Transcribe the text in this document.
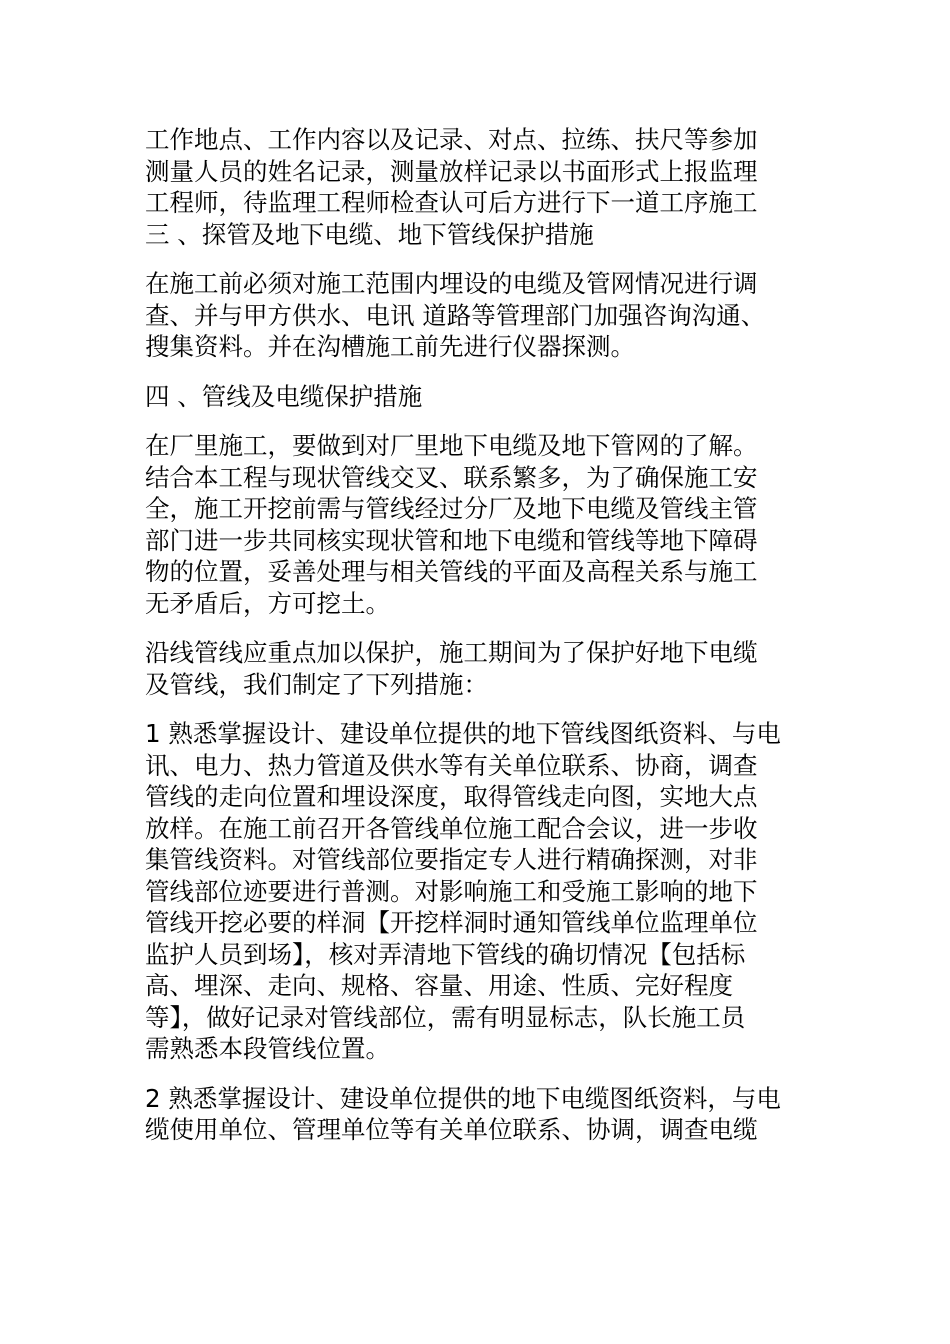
工作地点、工作内容以及记录、对点、拉练、扶尺等参加
测量人员的姓名记录，测量放样记录以书面形式上报监理
工程师，待监理工程师检查认可后方进行下一道工序施工
三 、探管及地下电缆、地下管线保护措施
在施工前必须对施工范围内埋设的电缆及管网情况进行调
查、并与甲方供水、电讯 道路等管理部门加强咨询沟通、
搜集资料。并在沟槽施工前先进行仪器探测。
四 、管线及电缆保护措施
在厂里施工，要做到对厂里地下电缆及地下管网的了解。
结合本工程与现状管线交叉、联系繁多，为了确保施工安
全，施工开挖前需与管线经过分厂及地下电缆及管线主管
部门进一步共同核实现状管和地下电缆和管线等地下障碍
物的位置，妥善处理与相关管线的平面及高程关系与施工
无矛盾后，方可挖土。
沿线管线应重点加以保护，施工期间为了保护好地下电缆
及管线，我们制定了下列措施：
1 熟悉掌握设计、建设单位提供的地下管线图纸资料、与电
讯、电力、热力管道及供水等有关单位联系、协商，调查
管线的走向位置和埋设深度，取得管线走向图，实地大点
放样。在施工前召开各管线单位施工配合会议，进一步收
集管线资料。对管线部位要指定专人进行精确探测，对非
管线部位迹要进行普测。对影响施工和受施工影响的地下
管线开挖必要的样洞【开挖样洞时通知管线单位监理单位
监护人员到场】，核对弄清地下管线的确切情况【包括标
高、埋深、走向、规格、容量、用途、性质、完好程度
等】，做好记录对管线部位，需有明显标志，队长施工员
需熟悉本段管线位置。
2 熟悉掌握设计、建设单位提供的地下电缆图纸资料，与电
缆使用单位、管理单位等有关单位联系、协调，调查电缆
